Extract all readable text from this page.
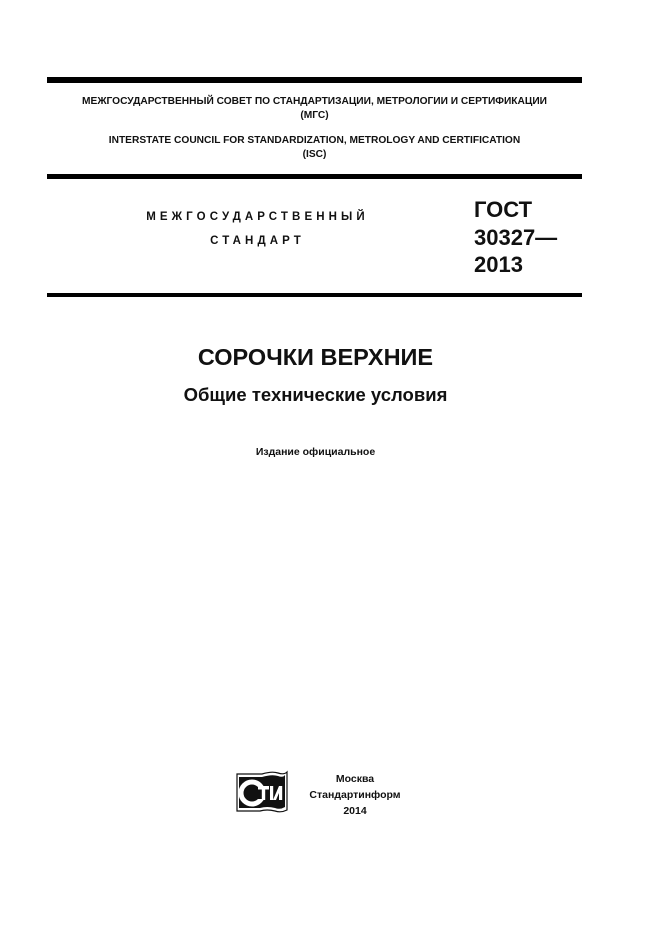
МЕЖГОСУДАРСТВЕННЫЙ СОВЕТ ПО СТАНДАРТИЗАЦИИ, МЕТРОЛОГИИ И СЕРТИФИКАЦИИ
(МГС)
INTERSTATE COUNCIL FOR STANDARDIZATION, METROLOGY AND CERTIFICATION
(ISC)
МЕЖГОСУДАРСТВЕННЫЙ
СТАНДАРТ
ГОСТ
30327—
2013
СОРОЧКИ ВЕРХНИЕ
Общие технические условия
Издание официальное
Москва
Стандартинформ
2014
